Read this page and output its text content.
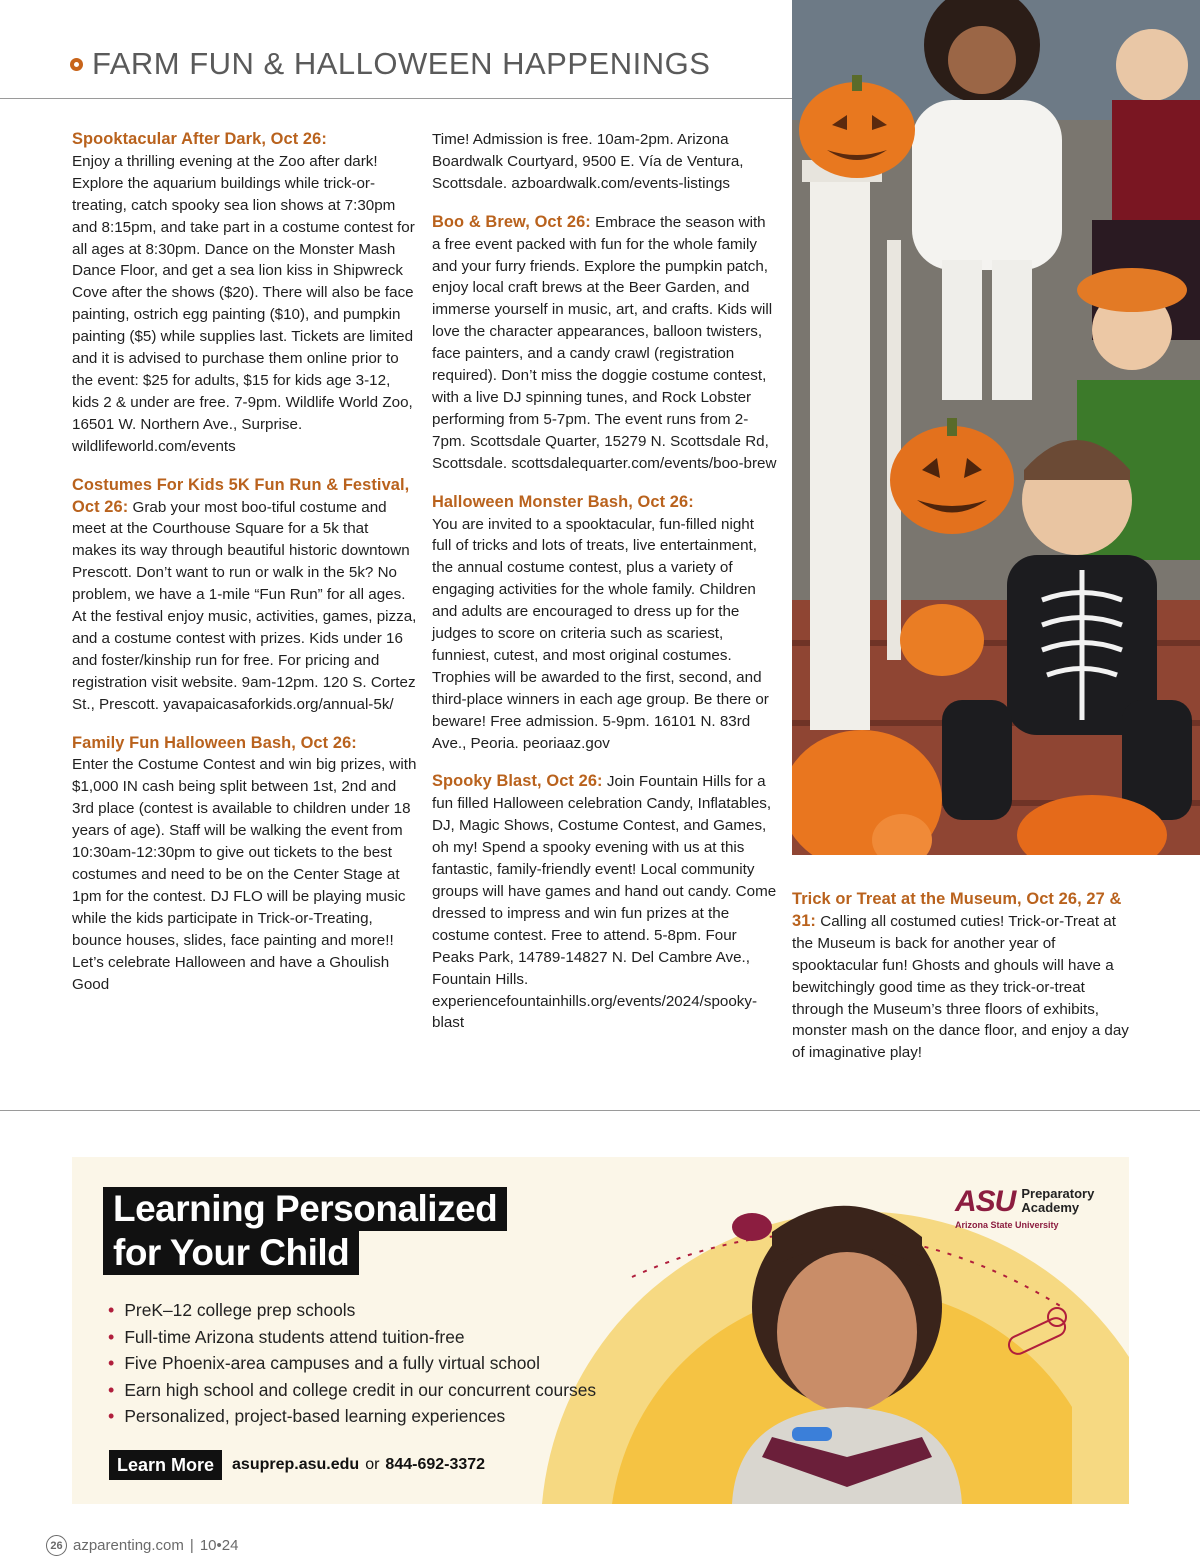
FARM FUN & HALLOWEEN HAPPENINGS

Spooktacular After Dark, Oct 26:
Enjoy a thrilling evening at the Zoo after dark! Explore the aquarium buildings while trick-or-treating, catch spooky sea lion shows at 7:30pm and 8:15pm, and take part in a costume contest for all ages at 8:30pm. Dance on the Monster Mash Dance Floor, and get a sea lion kiss in Shipwreck Cove after the shows ($20). There will also be face painting, ostrich egg painting ($10), and pumpkin painting ($5) while supplies last. Tickets are limited and it is advised to purchase them online prior to the event: $25 for adults, $15 for kids age 3-12, kids 2 & under are free. 7-9pm. Wildlife World Zoo, 16501 W. Northern Ave., Surprise. wildlifeworld.com/events

Costumes For Kids 5K Fun Run & Festival, Oct 26: Grab your most boo-tiful costume and meet at the Courthouse Square for a 5k that makes its way through beautiful historic downtown Prescott. Don’t want to run or walk in the 5k? No problem, we have a 1-mile “Fun Run” for all ages. At the festival enjoy music, activities, games, pizza, and a costume contest with prizes. Kids under 16 and foster/kinship run for free. For pricing and registration visit website. 9am-12pm. 120 S. Cortez St., Prescott. yavapaicasaforkids.org/annual-5k/

Family Fun Halloween Bash, Oct 26:
Enter the Costume Contest and win big prizes, with $1,000 IN cash being split between 1st, 2nd and 3rd place (contest is available to children under 18 years of age). Staff will be walking the event from 10:30am-12:30pm to give out tickets to the best costumes and need to be on the Center Stage at 1pm for the contest. DJ FLO will be playing music while the kids participate in Trick-or-Treating, bounce houses, slides, face painting and more!! Let’s celebrate Halloween and have a Ghoulish Good

Time! Admission is free. 10am-2pm. Arizona Boardwalk Courtyard, 9500 E. Vía de Ventura, Scottsdale. azboardwalk.com/events-listings

Boo & Brew, Oct 26: Embrace the season with a free event packed with fun for the whole family and your furry friends. Explore the pumpkin patch, enjoy local craft brews at the Beer Garden, and immerse yourself in music, art, and crafts. Kids will love the character appearances, balloon twisters, face painters, and a candy crawl (registration required). Don’t miss the doggie costume contest, with a live DJ spinning tunes, and Rock Lobster performing from 5-7pm. The event runs from 2-7pm. Scottsdale Quarter, 15279 N. Scottsdale Rd, Scottsdale. scottsdalequarter.com/events/boo-brew

Halloween Monster Bash, Oct 26:
You are invited to a spooktacular, fun-filled night full of tricks and lots of treats, live entertainment, the annual costume contest, plus a variety of engaging activities for the whole family. Children and adults are encouraged to dress up for the judges to score on criteria such as scariest, funniest, cutest, and most original costumes. Trophies will be awarded to the first, second, and third-place winners in each age group. Be there or beware! Free admission. 5-9pm. 16101 N. 83rd Ave., Peoria. peoriaaz.gov

Spooky Blast, Oct 26: Join Fountain Hills for a fun filled Halloween celebration Candy, Inflatables, DJ, Magic Shows, Costume Contest, and Games, oh my! Spend a spooky evening with us at this fantastic, family-friendly event! Local community groups will have games and hand out candy. Come dressed to impress and win fun prizes at the costume contest. Free to attend. 5-8pm. Four Peaks Park, 14789-14827 N. Del Cambre Ave., Fountain Hills. experiencefountainhills.org/events/2024/spooky-blast

Trick or Treat at the Museum, Oct 26, 27 & 31: Calling all costumed cuties! Trick-or-Treat at the Museum is back for another year of spooktacular fun! Ghosts and ghouls will have a bewitchingly good time as they trick-or-treat through the Museum’s three floors of exhibits, monster mash on the dance floor, and enjoy a day of imaginative play!

Learning Personalized
for Your Child
• PreK–12 college prep schools
• Full-time Arizona students attend tuition-free
• Five Phoenix-area campuses and a fully virtual school
• Earn high school and college credit in our concurrent courses
• Personalized, project-based learning experiences
Learn More	asuprep.asu.edu or 844-692-3372
ASU Preparatory
Academy
Arizona State University
26 azparenting.com | 10•24
